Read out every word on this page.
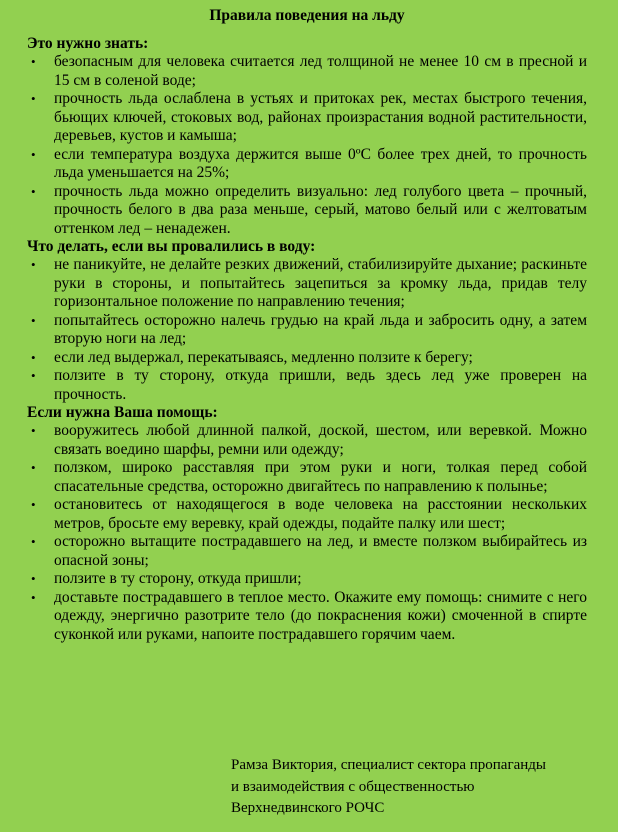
Правила поведения на льду
Это нужно знать:
• безопасным для человека считается лед толщиной не менее 10 см в пресной и 15 см в соленой воде;
• прочность льда ослаблена в устьях и притоках рек, местах быстрого течения, бьющих ключей, стоковых вод, районах произрастания водной растительности, деревьев, кустов и камыша;
• если температура воздуха держится выше 0ºС более трех дней, то прочность льда уменьшается на 25%;
• прочность льда можно определить визуально: лед голубого цвета – прочный, прочность белого в два раза меньше, серый, матово белый или с желтоватым оттенком лед – ненадежен.
Что делать, если вы провалились в воду:
• не паникуйте, не делайте резких движений, стабилизируйте дыхание; раскиньте руки в стороны, и попытайтесь зацепиться за кромку льда, придав телу горизонтальное положение по направлению течения;
• попытайтесь осторожно налечь грудью на край льда и забросить одну, а затем вторую ноги на лед;
• если лед выдержал, перекатываясь, медленно ползите к берегу;
• ползите в ту сторону, откуда пришли, ведь здесь лед уже проверен на прочность.
Если нужна Ваша помощь:
• вооружитесь любой длинной палкой, доской, шестом, или веревкой. Можно связать воедино шарфы, ремни или одежду;
• ползком, широко расставляя при этом руки и ноги, толкая перед собой спасательные средства, осторожно двигайтесь по направлению к полынье;
• остановитесь от находящегося в воде человека на расстоянии нескольких метров, бросьте ему веревку, край одежды, подайте палку или шест;
• осторожно вытащите пострадавшего на лед, и вместе ползком выбирайтесь из опасной зоны;
• ползите в ту сторону, откуда пришли;
• доставьте пострадавшего в теплое место. Окажите ему помощь: снимите с него одежду, энергично разотрите тело (до покраснения кожи) смоченной в спирте суконкой или руками, напоите пострадавшего горячим чаем.
Рамза Виктория, специалист сектора пропаганды
и взаимодействия с общественностью
Верхнедвинского РОЧС
